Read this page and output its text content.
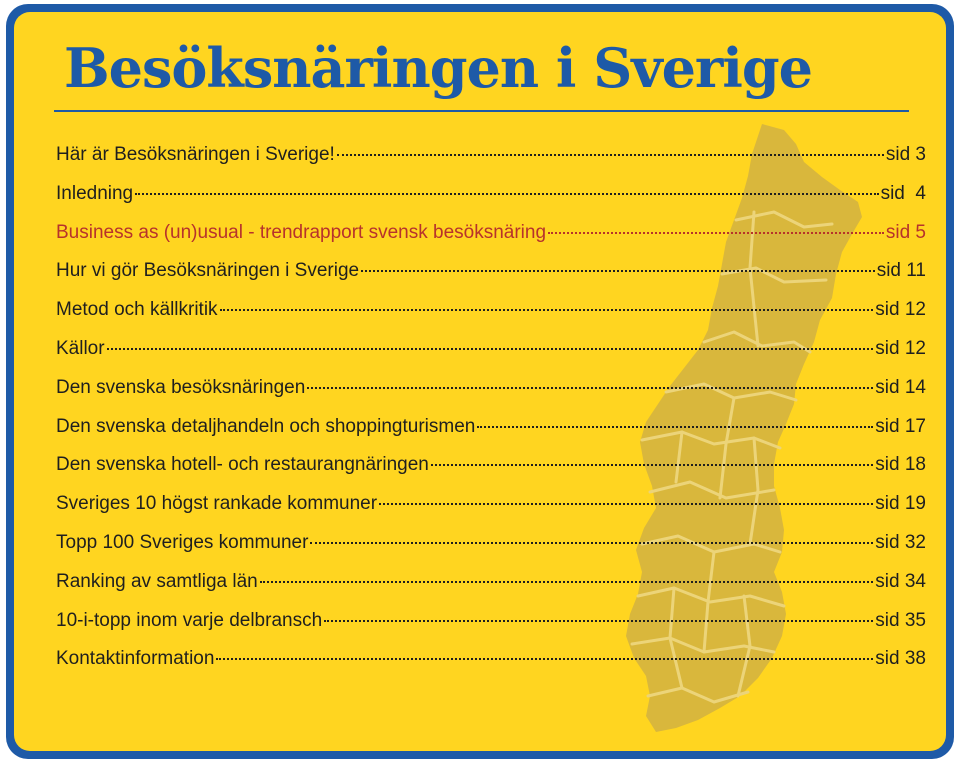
Besöksnäringen i Sverige
Här är Besöksnäringen i Sverige!	sid 3
Inledning	sid  4
Business as (un)usual - trendrapport svensk besöksnäring	sid 5
Hur vi gör Besöksnäringen i Sverige	sid 11
Metod och källkritik	sid 12
Källor	sid 12
Den svenska besöksnäringen	sid 14
Den svenska detaljhandeln och shoppingturismen	sid 17
Den svenska hotell- och restaurangnäringen	sid 18
Sveriges 10 högst rankade kommuner	sid 19
Topp 100 Sveriges kommuner	sid 32
Ranking av samtliga län	sid 34
10-i-topp inom varje delbransch	sid 35
Kontaktinformation	sid 38
